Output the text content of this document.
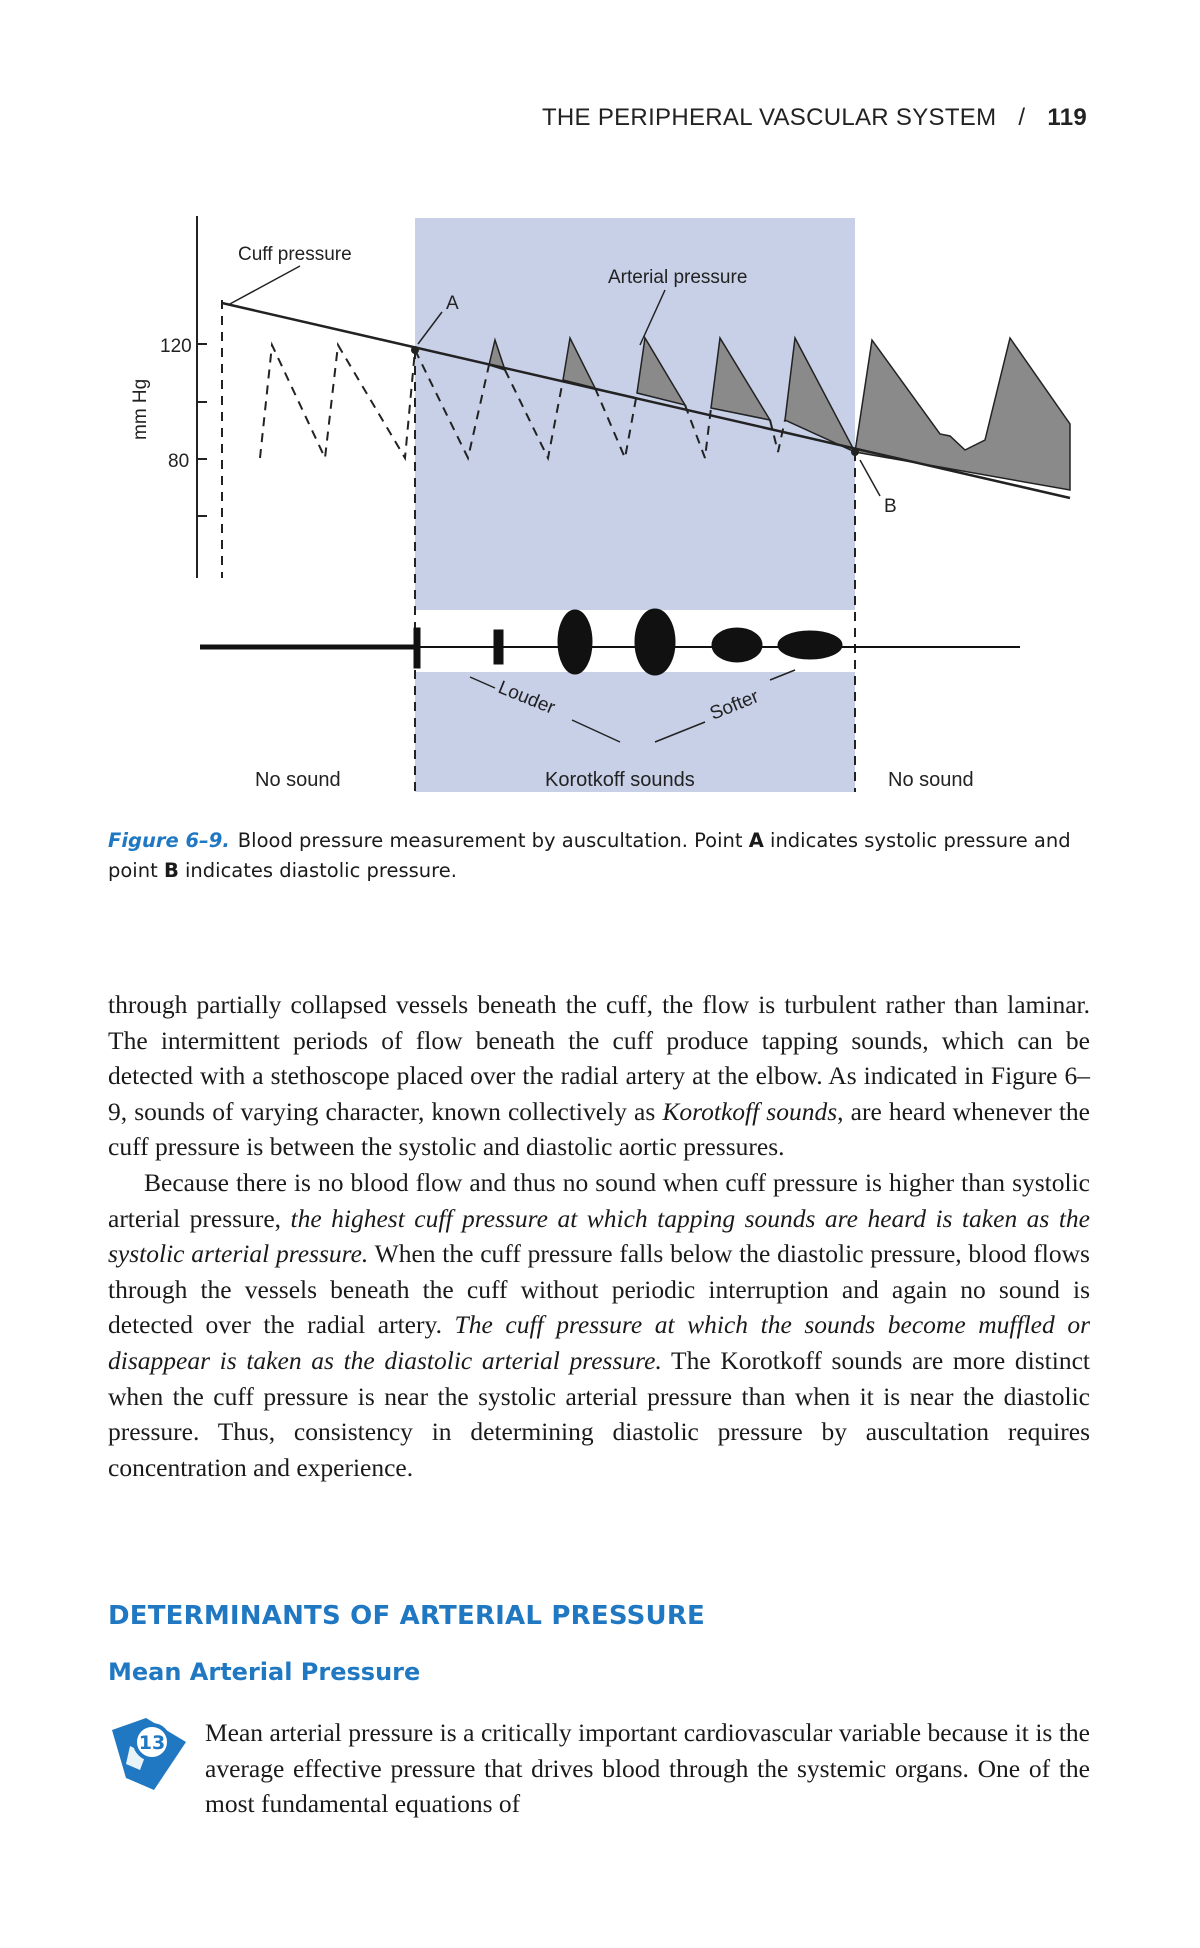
THE PERIPHERAL VASCULAR SYSTEM / 119
120
80
mm Hg
Cuff pressure
Arterial pressure
A
B
Louder	Softer
No sound	Korotkoff sounds	No sound
Figure 6–9. Blood pressure measurement by auscultation. Point A indicates systolic pressure and point B indicates diastolic pressure.

through partially collapsed vessels beneath the cuff, the flow is turbulent rather than laminar. The intermittent periods of flow beneath the cuff produce tapping sounds, which can be detected with a stethoscope placed over the radial artery at the elbow. As indicated in Figure 6–9, sounds of varying character, known collectively as Korotkoff sounds, are heard whenever the cuff pressure is between the systolic and diastolic aortic pressures.

Because there is no blood flow and thus no sound when cuff pressure is higher than systolic arterial pressure, the highest cuff pressure at which tapping sounds are heard is taken as the systolic arterial pressure. When the cuff pressure falls below the diastolic pressure, blood flows through the vessels beneath the cuff without periodic interruption and again no sound is detected over the radial artery. The cuff pressure at which the sounds become muffled or disappear is taken as the diastolic arterial pressure. The Korotkoff sounds are more distinct when the cuff pressure is near the systolic arterial pressure than when it is near the diastolic pressure. Thus, consistency in determining diastolic pressure by auscultation requires concentration and experience.

DETERMINANTS OF ARTERIAL PRESSURE
Mean Arterial Pressure
13 Mean arterial pressure is a critically important cardiovascular variable because it is the average effective pressure that drives blood through the systemic organs. One of the most fundamental equations of
